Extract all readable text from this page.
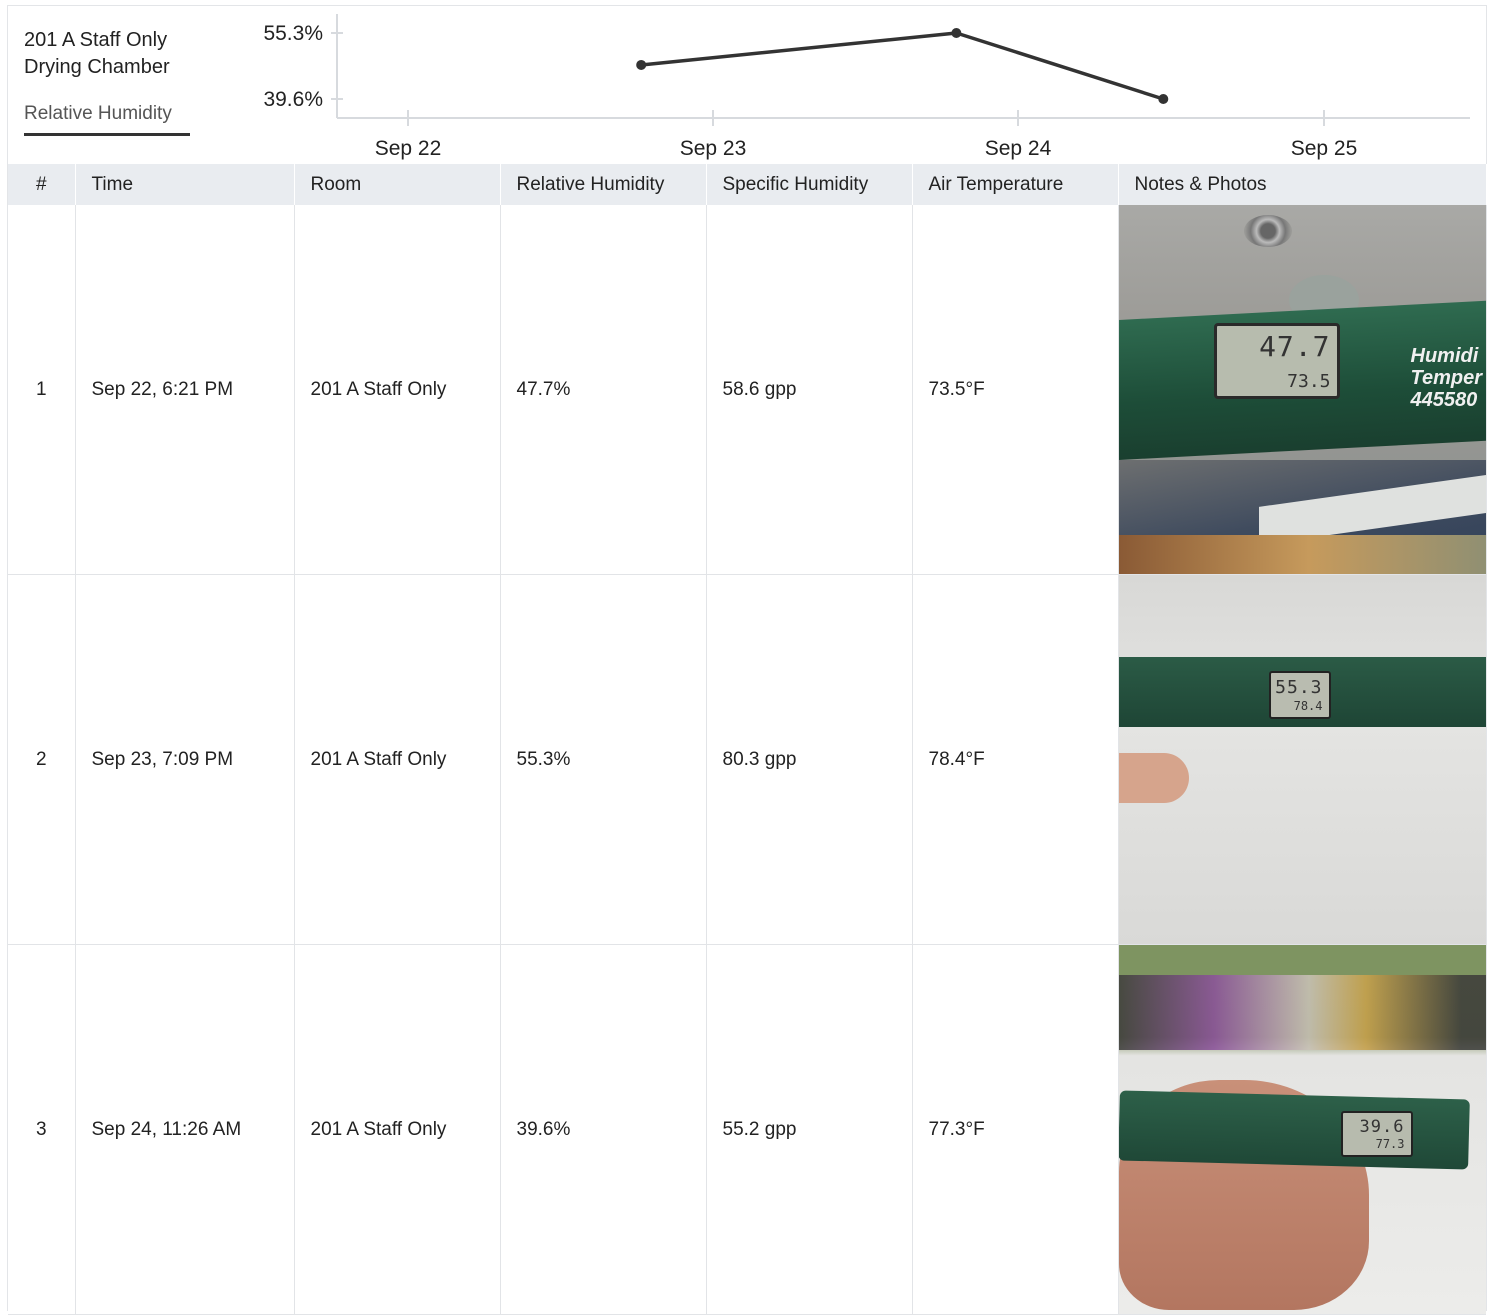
201 A Staff Only
Drying Chamber
Relative Humidity
55.3%
39.6%
Sep 22	Sep 23	Sep 24	Sep 25
#	Time	Room	Relative Humidity	Specific Humidity	Air Temperature	Notes & Photos
1	Sep 22, 6:21 PM	201 A Staff Only	47.7%	58.6 gpp	73.5°F	47.7
73.5
Humidi Temper 445580

2	Sep 23, 7:09 PM	201 A Staff Only	55.3%	80.3 gpp	78.4°F	55.3
78.4

3	Sep 24, 11:26 AM	201 A Staff Only	39.6%	55.2 gpp	77.3°F	39.6
77.3
